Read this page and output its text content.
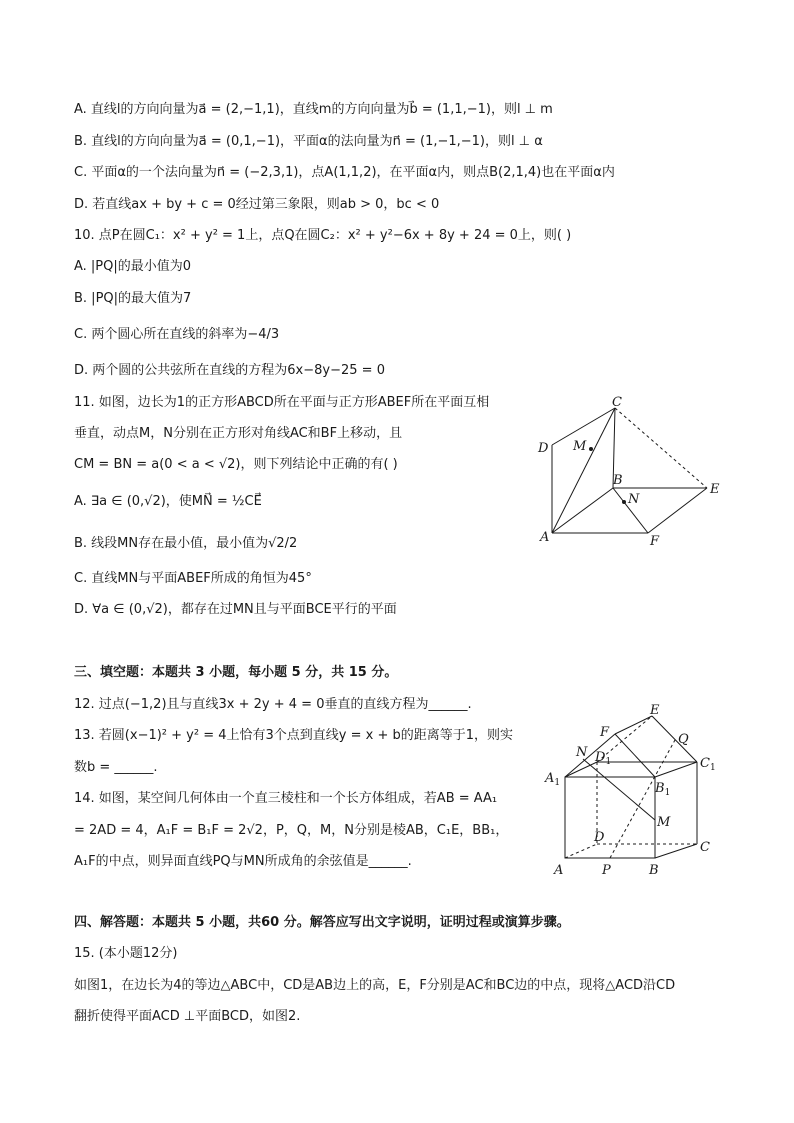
A. 直线l的方向向量为a⃗ = (2,−1,1)，直线m的方向向量为b⃗ = (1,1,−1)，则l ⊥ m
B. 直线l的方向向量为a⃗ = (0,1,−1)，平面α的法向量为n⃗ = (1,−1,−1)，则l ⊥ α
C. 平面α的一个法向量为n⃗ = (−2,3,1)，点A(1,1,2)，在平面α内，则点B(2,1,4)也在平面α内
D. 若直线ax + by + c = 0经过第三象限，则ab > 0，bc < 0
10. 点P在圆C₁：x² + y² = 1上，点Q在圆C₂：x² + y²−6x + 8y + 24 = 0上，则( )
A. |PQ|的最小值为0
B. |PQ|的最大值为7
C. 两个圆心所在直线的斜率为−4/3
D. 两个圆的公共弦所在直线的方程为6x−8y−25 = 0
11. 如图，边长为1的正方形ABCD所在平面与正方形ABEF所在平面互相
垂直，动点M，N分别在正方形对角线AC和BF上移动，且
CM = BN = a(0 < a < √2)，则下列结论中正确的有( )
A. ∃a ∈ (0,√2)，使MN⃗ = ½CE⃗
B. 线段MN存在最小值，最小值为√2/2
C. 直线MN与平面ABEF所成的角恒为45°
D. ∀a ∈ (0,√2)，都存在过MN且与平面BCE平行的平面
三、填空题：本题共 3 小题，每小题 5 分，共 15 分。
12. 过点(−1,2)且与直线3x + 2y + 4 = 0垂直的直线方程为______.
13. 若圆(x−1)² + y² = 4上恰有3个点到直线y = x + b的距离等于1，则实
数b = ______.
14. 如图，某空间几何体由一个直三棱柱和一个长方体组成，若AB = AA₁
= 2AD = 4，A₁F = B₁F = 2√2，P，Q，M，N分别是棱AB，C₁E，BB₁，
A₁F的中点，则异面直线PQ与MN所成角的余弦值是______.
四、解答题：本题共 5 小题，共60 分。解答应写出文字说明，证明过程或演算步骤。
15. (本小题12分)
如图1，在边长为4的等边△ABC中，CD是AB边上的高，E，F分别是AC和BC边的中点，现将△ACD沿CD
翻折使得平面ACD ⊥平面BCD，如图2.
C
D M
B
N
E
A	F
F
E
N $D_1$
Q
$C_1$
$A_1$	$B_1$
M
D
C
A	P	B
